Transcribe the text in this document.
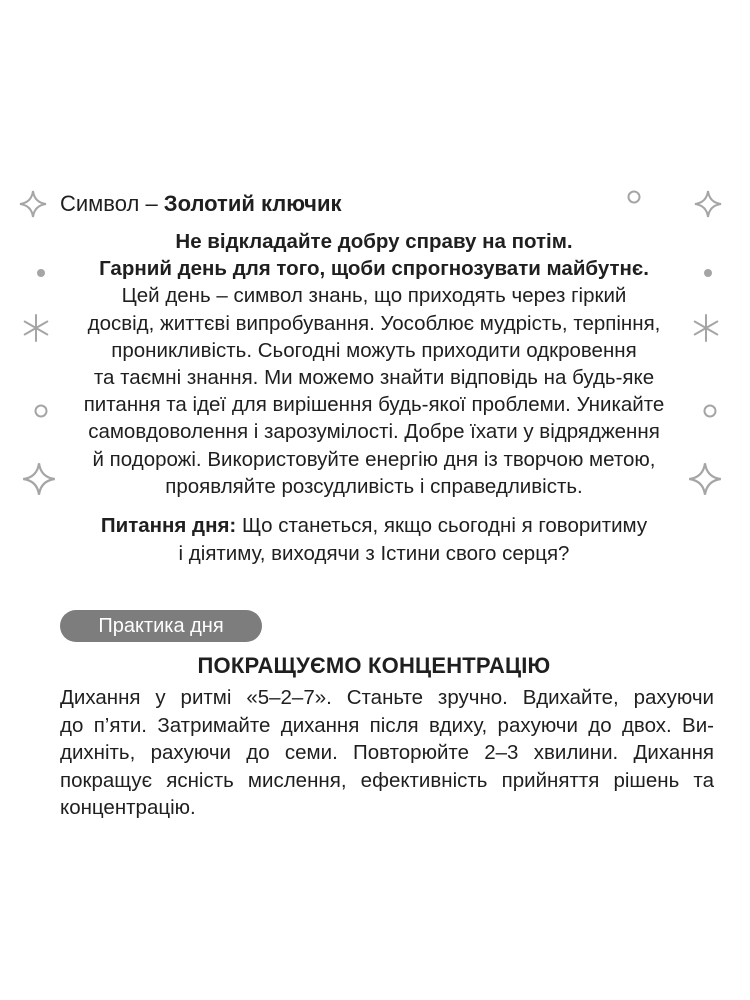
Символ – Золотий ключик
Не відкладайте добру справу на потім.
Гарний день для того, щоби спрогнозувати майбутнє.
Цей день – символ знань, що приходять через гіркий
досвід, життєві випробування. Уособлює мудрість, терпіння,
проникливість. Сьогодні можуть приходити одкровення
та таємні знання. Ми можемо знайти відповідь на будь-яке
питання та ідеї для вирішення будь-якої проблеми. Уникайте
самовдоволення і зарозумілості. Добре їхати у відрядження
й подорожі. Використовуйте енергію дня із творчою метою,
проявляйте розсудливість і справедливість.
Питання дня: Що станеться, якщо сьогодні я говоритиму
і діятиму, виходячи з Істини свого серця?
Практика дня
ПОКРАЩУЄМО КОНЦЕНТРАЦІЮ
Дихання у ритмі «5–2–7». Станьте зручно. Вдихайте, рахуючи
до п’яти. Затримайте дихання після вдиху, рахуючи до двох. Ви-
дихніть, рахуючи до семи. Повторюйте 2–3 хвилини. Дихання
покращує ясність мислення, ефективність прийняття рішень та
концентрацію.
